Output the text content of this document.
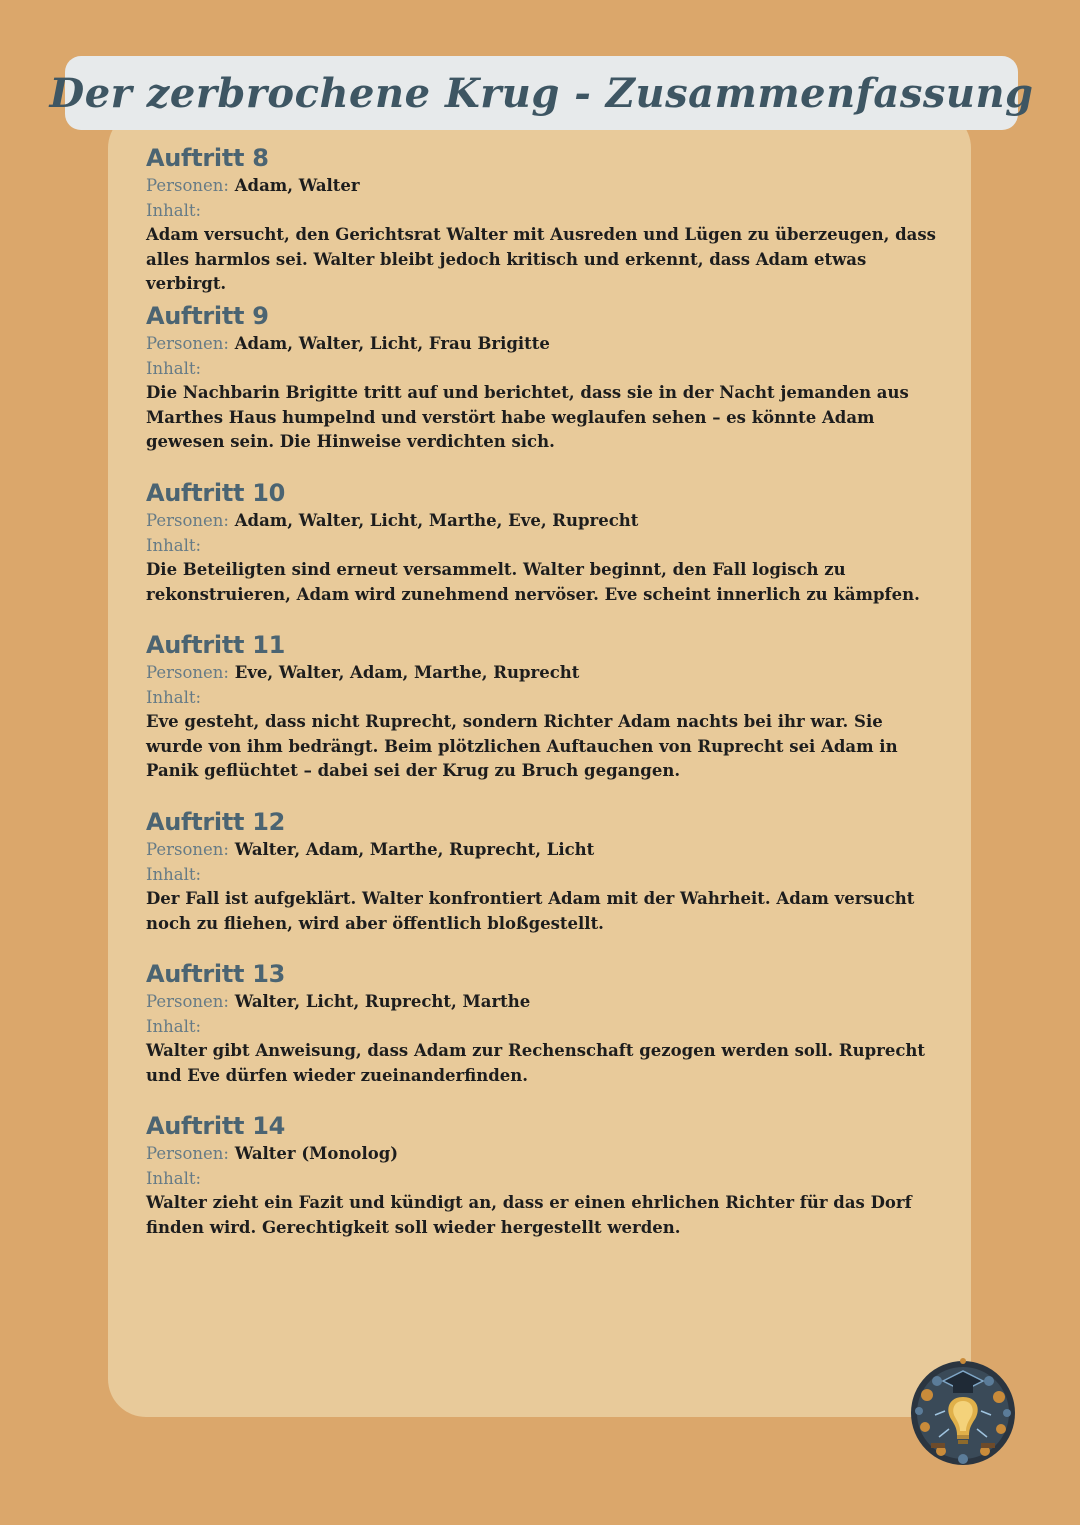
Der zerbrochene Krug - Zusammenfassung
Auftritt 8
Personen: Adam, Walter
Inhalt:
Adam versucht, den Gerichtsrat Walter mit Ausreden und Lügen zu überzeugen, dass alles harmlos sei. Walter bleibt jedoch kritisch und erkennt, dass Adam etwas verbirgt.
Auftritt 9
Personen: Adam, Walter, Licht, Frau Brigitte
Inhalt:
Die Nachbarin Brigitte tritt auf und berichtet, dass sie in der Nacht jemanden aus Marthes Haus humpelnd und verstört habe weglaufen sehen – es könnte Adam gewesen sein. Die Hinweise verdichten sich.
Auftritt 10
Personen: Adam, Walter, Licht, Marthe, Eve, Ruprecht
Inhalt:
Die Beteiligten sind erneut versammelt. Walter beginnt, den Fall logisch zu rekonstruieren, Adam wird zunehmend nervöser. Eve scheint innerlich zu kämpfen.
Auftritt 11
Personen: Eve, Walter, Adam, Marthe, Ruprecht
Inhalt:
Eve gesteht, dass nicht Ruprecht, sondern Richter Adam nachts bei ihr war. Sie wurde von ihm bedrängt. Beim plötzlichen Auftauchen von Ruprecht sei Adam in Panik geflüchtet – dabei sei der Krug zu Bruch gegangen.
Auftritt 12
Personen: Walter, Adam, Marthe, Ruprecht, Licht
Inhalt:
Der Fall ist aufgeklärt. Walter konfrontiert Adam mit der Wahrheit. Adam versucht noch zu fliehen, wird aber öffentlich bloßgestellt.
Auftritt 13
Personen: Walter, Licht, Ruprecht, Marthe
Inhalt:
Walter gibt Anweisung, dass Adam zur Rechenschaft gezogen werden soll. Ruprecht und Eve dürfen wieder zueinanderfinden.
Auftritt 14
Personen: Walter (Monolog)
Inhalt:
Walter zieht ein Fazit und kündigt an, dass er einen ehrlichen Richter für das Dorf finden wird. Gerechtigkeit soll wieder hergestellt werden.
